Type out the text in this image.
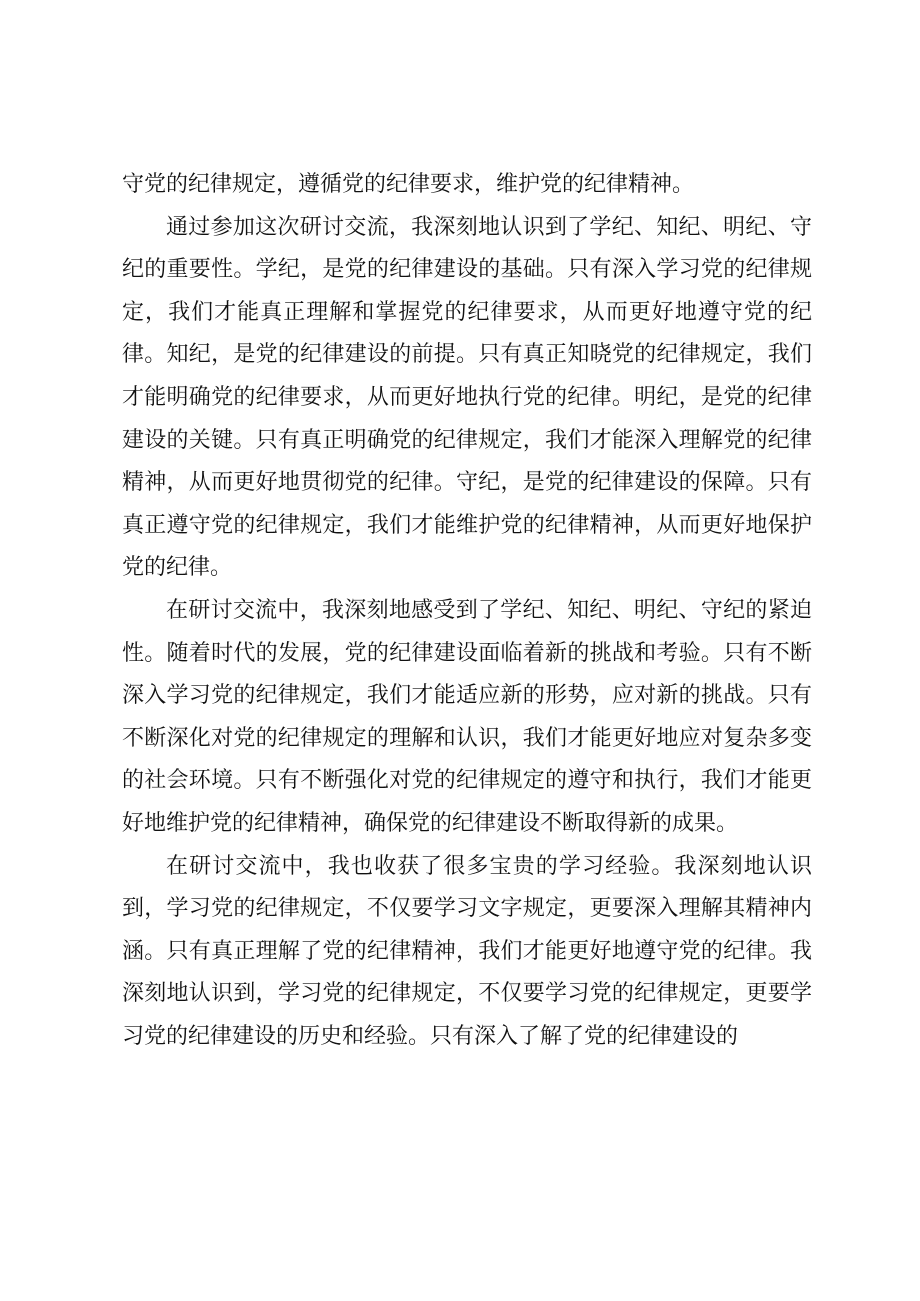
守党的纪律规定，遵循党的纪律要求，维护党的纪律精神。

通过参加这次研讨交流，我深刻地认识到了学纪、知纪、明纪、守纪的重要性。学纪，是党的纪律建设的基础。只有深入学习党的纪律规定，我们才能真正理解和掌握党的纪律要求，从而更好地遵守党的纪律。知纪，是党的纪律建设的前提。只有真正知晓党的纪律规定，我们才能明确党的纪律要求，从而更好地执行党的纪律。明纪，是党的纪律建设的关键。只有真正明确党的纪律规定，我们才能深入理解党的纪律精神，从而更好地贯彻党的纪律。守纪，是党的纪律建设的保障。只有真正遵守党的纪律规定，我们才能维护党的纪律精神，从而更好地保护党的纪律。

在研讨交流中，我深刻地感受到了学纪、知纪、明纪、守纪的紧迫性。随着时代的发展，党的纪律建设面临着新的挑战和考验。只有不断深入学习党的纪律规定，我们才能适应新的形势，应对新的挑战。只有不断深化对党的纪律规定的理解和认识，我们才能更好地应对复杂多变的社会环境。只有不断强化对党的纪律规定的遵守和执行，我们才能更好地维护党的纪律精神，确保党的纪律建设不断取得新的成果。

在研讨交流中，我也收获了很多宝贵的学习经验。我深刻地认识到，学习党的纪律规定，不仅要学习文字规定，更要深入理解其精神内涵。只有真正理解了党的纪律精神，我们才能更好地遵守党的纪律。我深刻地认识到，学习党的纪律规定，不仅要学习党的纪律规定，更要学习党的纪律建设的历史和经验。只有深入了解了党的纪律建设的
